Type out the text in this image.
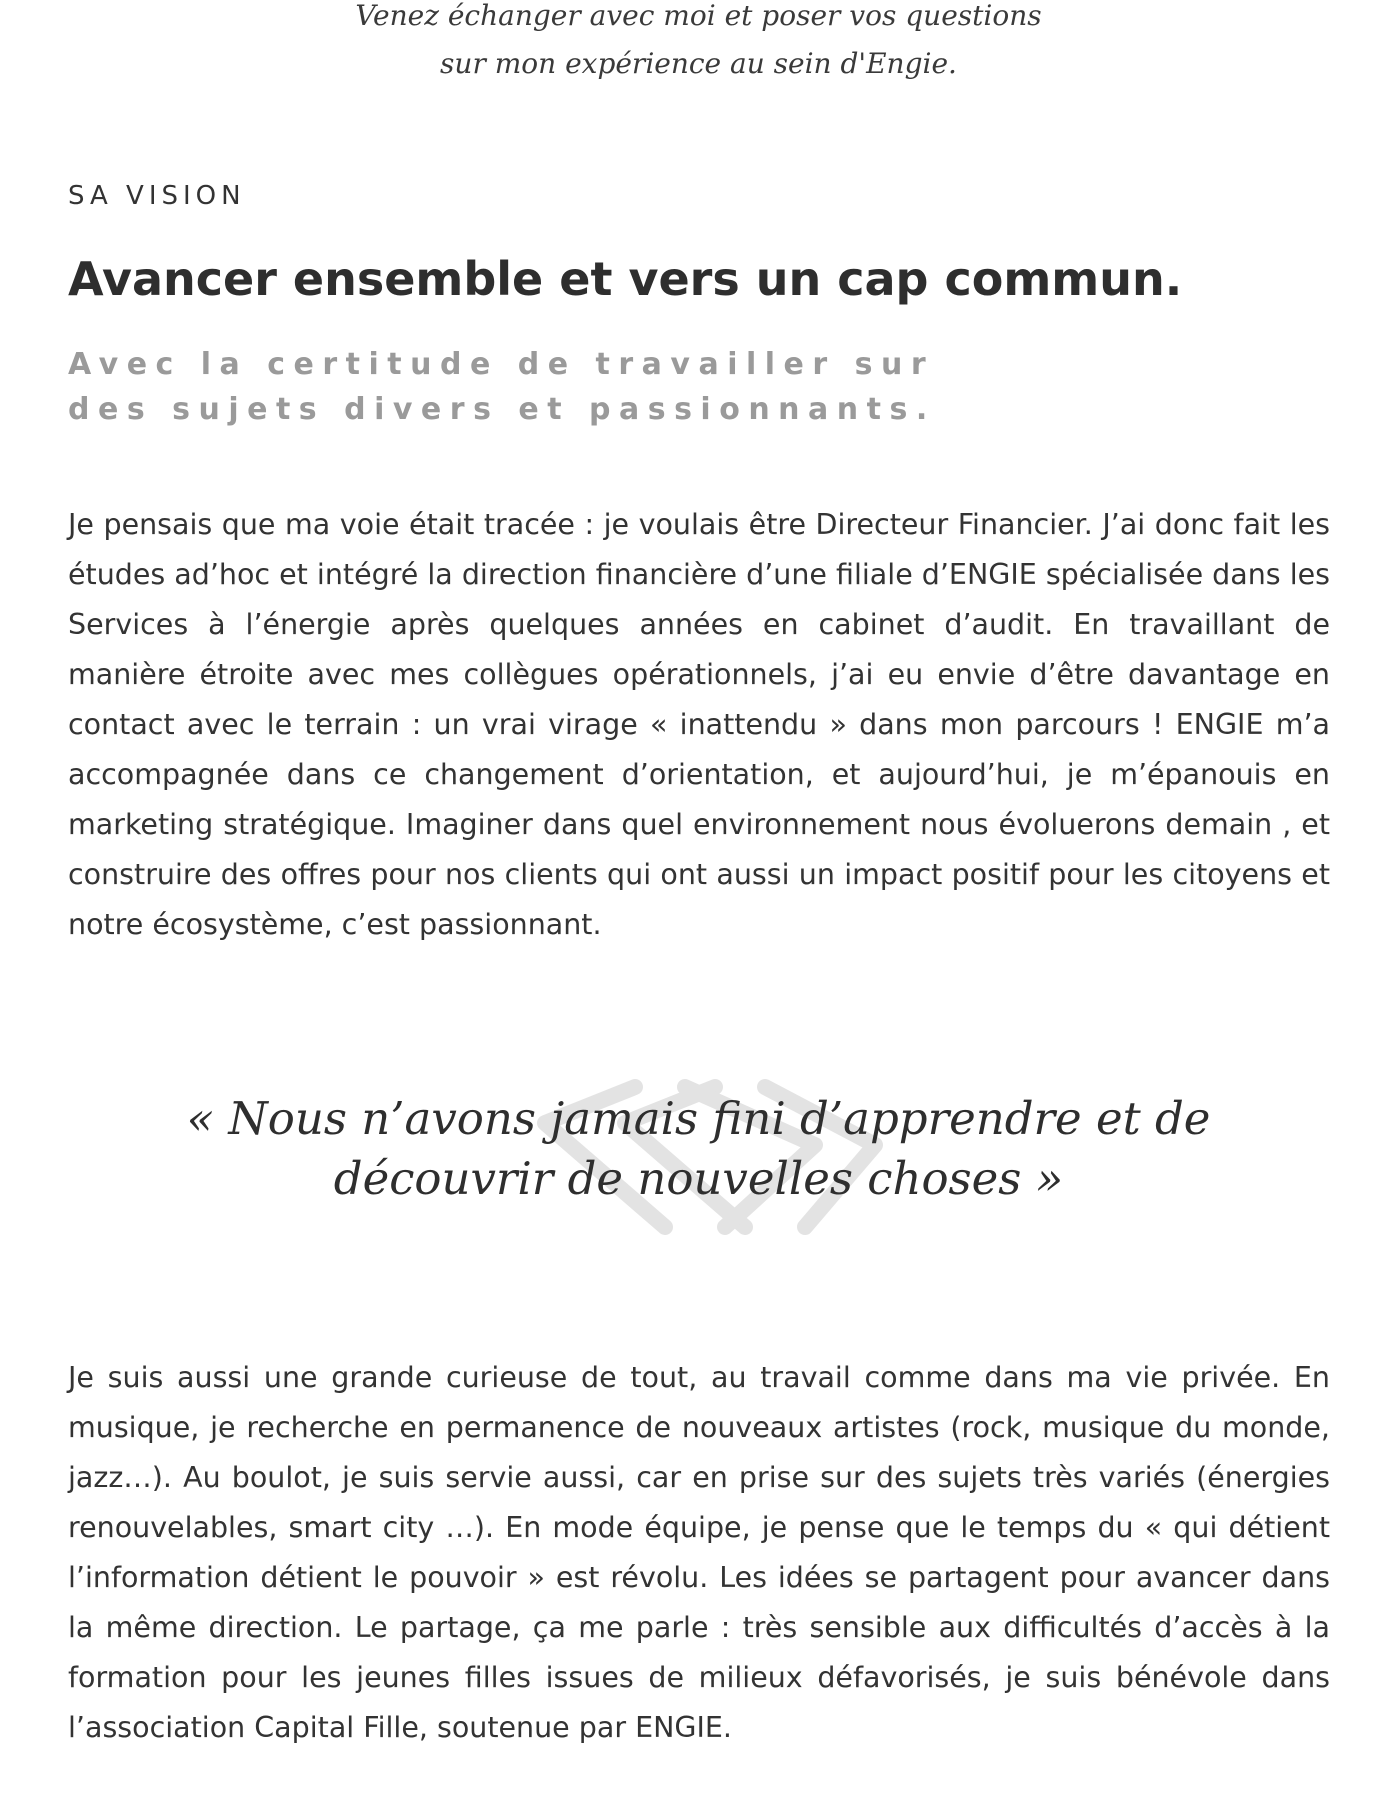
Venez échanger avec moi et poser vos questions
sur mon expérience au sein d'Engie.
SA VISION
Avancer ensemble et vers un cap commun.
Avec la certitude de travailler sur
des sujets divers et passionnants.

Je pensais que ma voie était tracée : je voulais être Directeur Financier. J’ai donc fait les études ad’hoc et intégré la direction financière d’une filiale d’ENGIE spécialisée dans les Services à l’énergie après quelques années en cabinet d’audit. En travaillant de manière étroite avec mes collègues opérationnels, j’ai eu envie d’être davantage en contact avec le terrain : un vrai virage « inattendu » dans mon parcours ! ENGIE m’a accompagnée dans ce changement d’orientation, et aujourd’hui, je m’épanouis en marketing stratégique. Imaginer dans quel environnement nous évoluerons demain , et construire des offres pour nos clients qui ont aussi un impact positif pour les citoyens et notre écosystème, c’est passionnant.

« Nous n’avons jamais fini d’apprendre et de découvrir de nouvelles choses »

Je suis aussi une grande curieuse de tout, au travail comme dans ma vie privée. En musique, je recherche en permanence de nouveaux artistes (rock, musique du monde, jazz…). Au boulot, je suis servie aussi, car en prise sur des sujets très variés (énergies renouvelables, smart city …). En mode équipe, je pense que le temps du « qui détient l’information détient le pouvoir » est révolu. Les idées se partagent pour avancer dans la même direction. Le partage, ça me parle : très sensible aux difficultés d’accès à la formation pour les jeunes filles issues de milieux défavorisés, je suis bénévole dans l’association Capital Fille, soutenue par ENGIE.
